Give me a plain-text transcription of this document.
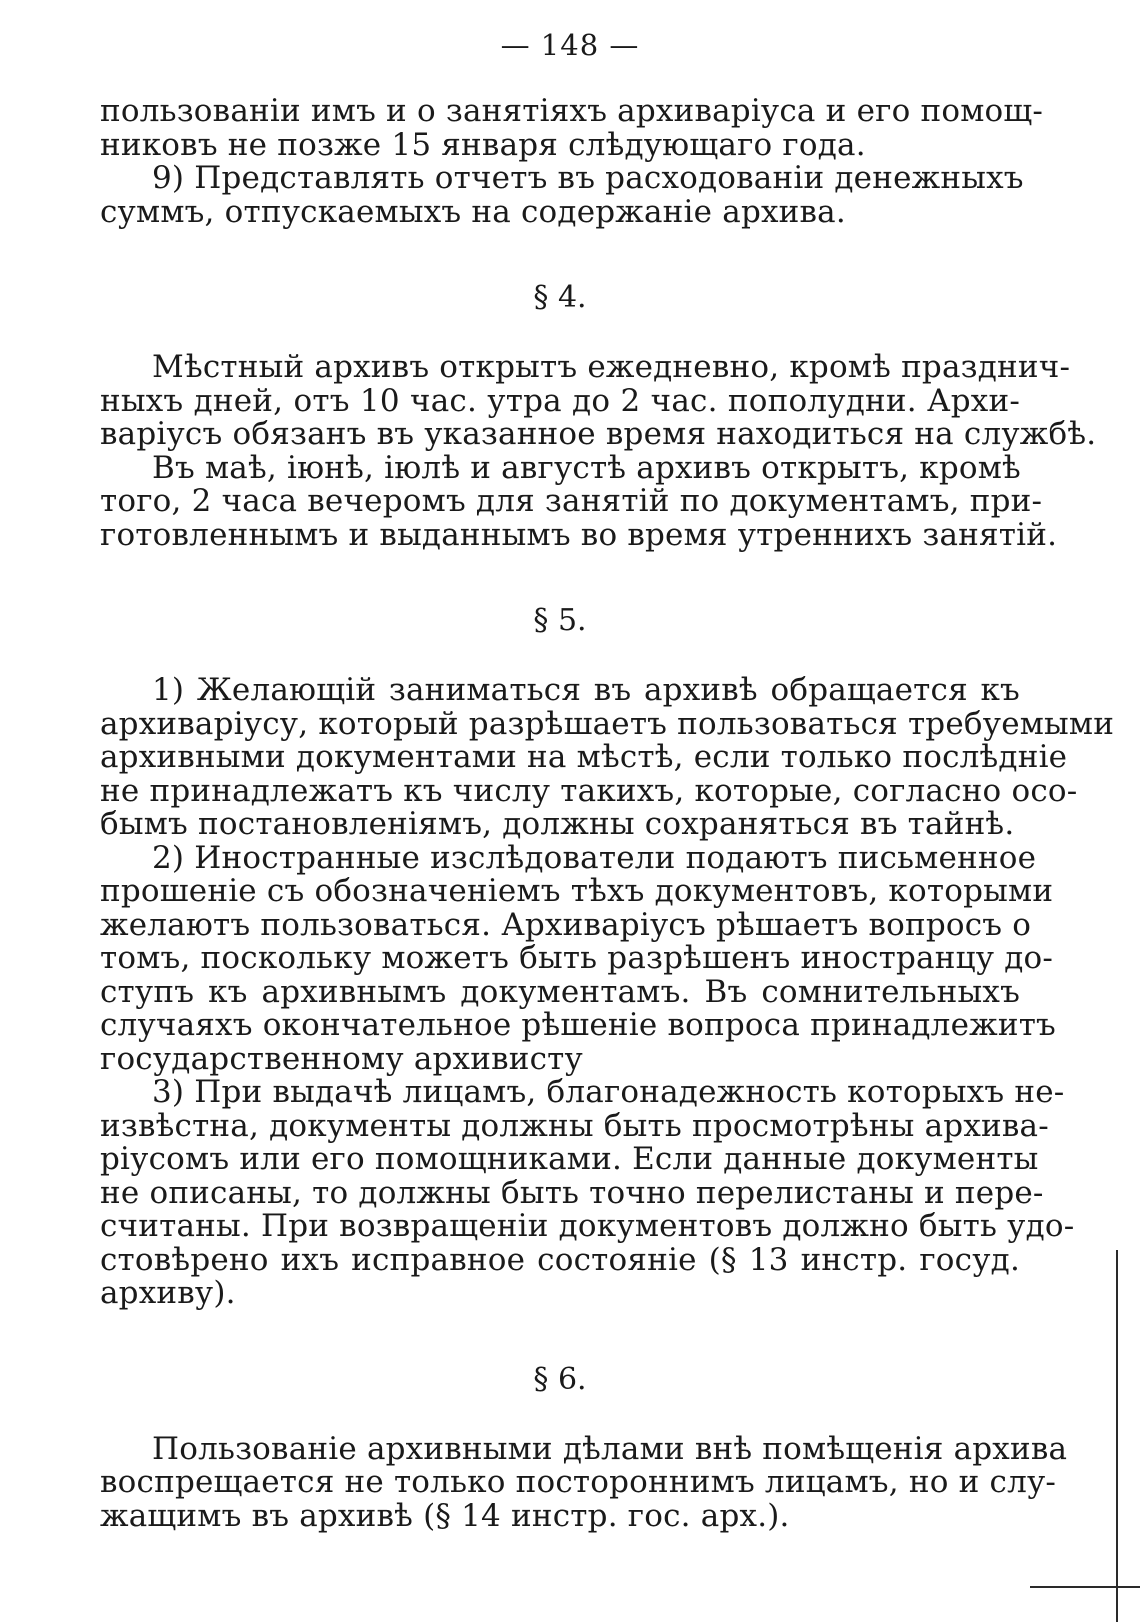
— 148 —
пользованіи имъ и о занятіяхъ архиваріуса и его помощ-
никовъ не позже 15 января слѣдующаго года.
9) Представлять отчетъ въ расходованіи денежныхъ
суммъ, отпускаемыхъ на содержаніе архива.
§ 4.
Мѣстный архивъ открытъ ежедневно, кромѣ празднич-
ныхъ дней, отъ 10 час. утра до 2 час. пополудни. Архи-
варіусъ обязанъ въ указанное время находиться на службѣ.
Въ маѣ, іюнѣ, іюлѣ и августѣ архивъ открытъ, кромѣ
того, 2 часа вечеромъ для занятій по документамъ, при-
готовленнымъ и выданнымъ во время утреннихъ занятій.
§ 5.
1) Желающій заниматься въ архивѣ обращается къ
архиваріусу, который разрѣшаетъ пользоваться требуемыми
архивными документами на мѣстѣ, если только послѣдніе
не принадлежатъ къ числу такихъ, которые, согласно осо-
бымъ постановленіямъ, должны сохраняться въ тайнѣ.
2) Иностранные изслѣдователи подаютъ письменное
прошеніе съ обозначеніемъ тѣхъ документовъ, которыми
желаютъ пользоваться. Архиваріусъ рѣшаетъ вопросъ о
томъ, поскольку можетъ быть разрѣшенъ иностранцу до-
ступъ къ архивнымъ документамъ. Въ сомнительныхъ
случаяхъ окончательное рѣшеніе вопроса принадлежитъ
государственному архивисту
3) При выдачѣ лицамъ, благонадежность которыхъ не-
извѣстна, документы должны быть просмотрѣны архива-
ріусомъ или его помощниками. Если данные документы
не описаны, то должны быть точно перелистаны и пере-
считаны. При возвращеніи документовъ должно быть удо-
стовѣрено ихъ исправное состояніе (§ 13 инстр. госуд.
архиву).
§ 6.
Пользованіе архивными дѣлами внѣ помѣщенія архива
воспрещается не только постороннимъ лицамъ, но и слу-
жащимъ въ архивѣ (§ 14 инстр. гос. арх.).
